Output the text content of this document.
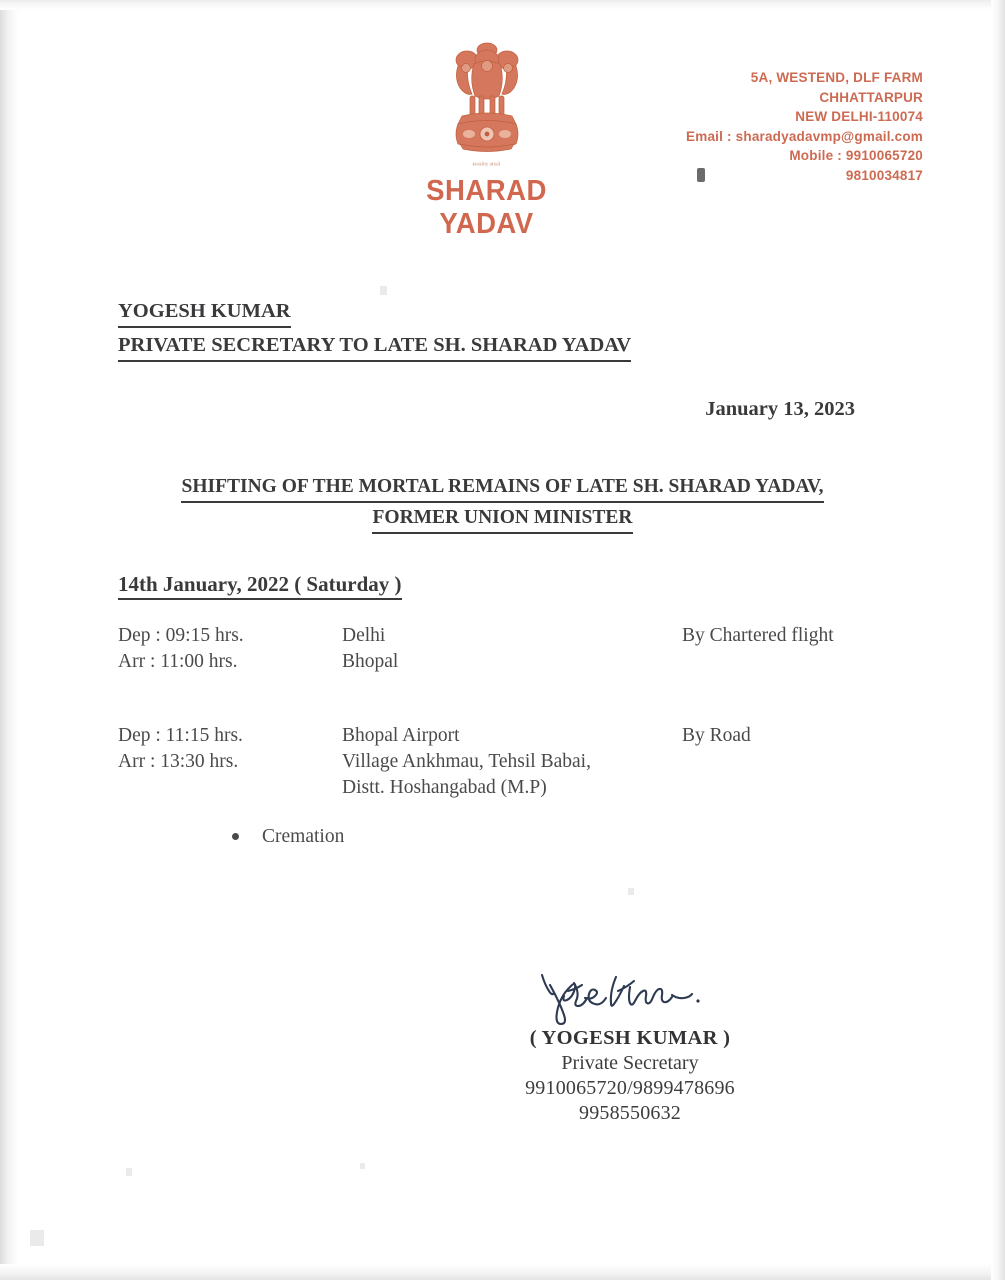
सत्यमेव जयते
SHARAD YADAV
5A, WESTEND, DLF FARM
CHHATTARPUR
NEW DELHI-110074
Email : sharadyadavmp@gmail.com
Mobile : 9910065720
9810034817
YOGESH KUMAR
PRIVATE SECRETARY TO LATE SH. SHARAD YADAV
January 13, 2023
SHIFTING OF THE MORTAL REMAINS OF LATE SH. SHARAD YADAV,
FORMER UNION MINISTER
14th January, 2022 ( Saturday )
Dep : 09:15 hrs.	Delhi	By Chartered flight
Arr : 11:00 hrs.	Bhopal
Dep : 11:15 hrs.	Bhopal Airport	By Road
Arr : 13:30 hrs.	Village Ankhmau, Tehsil Babai,
Distt. Hoshangabad (M.P)
Cremation
( YOGESH KUMAR )
Private Secretary
9910065720/9899478696
9958550632
